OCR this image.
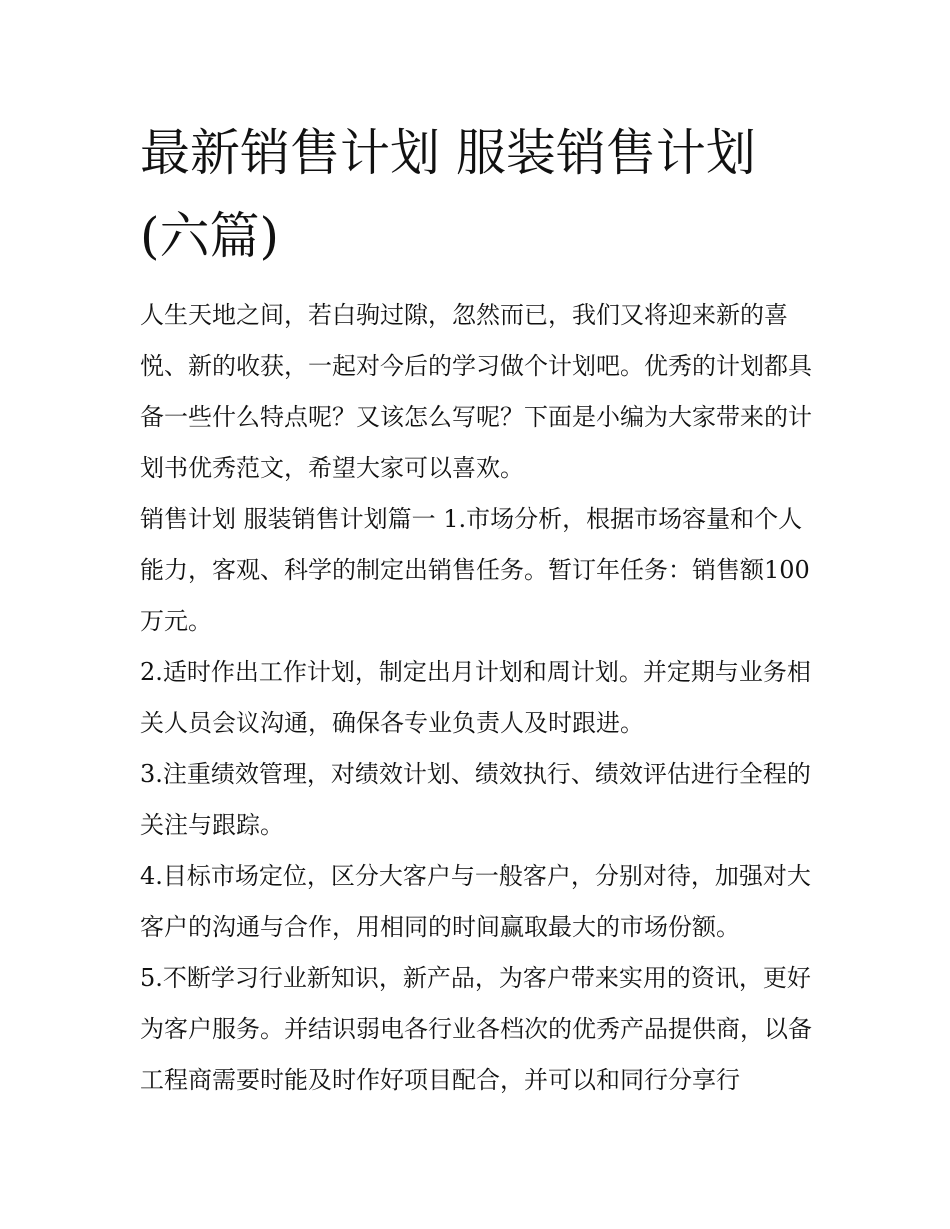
最新销售计划 服装销售计划(六篇)

人生天地之间，若白驹过隙，忽然而已，我们又将迎来新的喜悦、新的收获，一起对今后的学习做个计划吧。优秀的计划都具备一些什么特点呢？又该怎么写呢？下面是小编为大家带来的计划书优秀范文，希望大家可以喜欢。

销售计划 服装销售计划篇一 1.市场分析，根据市场容量和个人能力，客观、科学的制定出销售任务。暂订年任务：销售额100 万元。

2.适时作出工作计划，制定出月计划和周计划。并定期与业务相关人员会议沟通，确保各专业负责人及时跟进。

3.注重绩效管理，对绩效计划、绩效执行、绩效评估进行全程的关注与跟踪。

4.目标市场定位，区分大客户与一般客户，分别对待，加强对大客户的沟通与合作，用相同的时间赢取最大的市场份额。

5.不断学习行业新知识，新产品，为客户带来实用的资讯，更好为客户服务。并结识弱电各行业各档次的优秀产品提供商，以备工程商需要时能及时作好项目配合，并可以和同行分享行
